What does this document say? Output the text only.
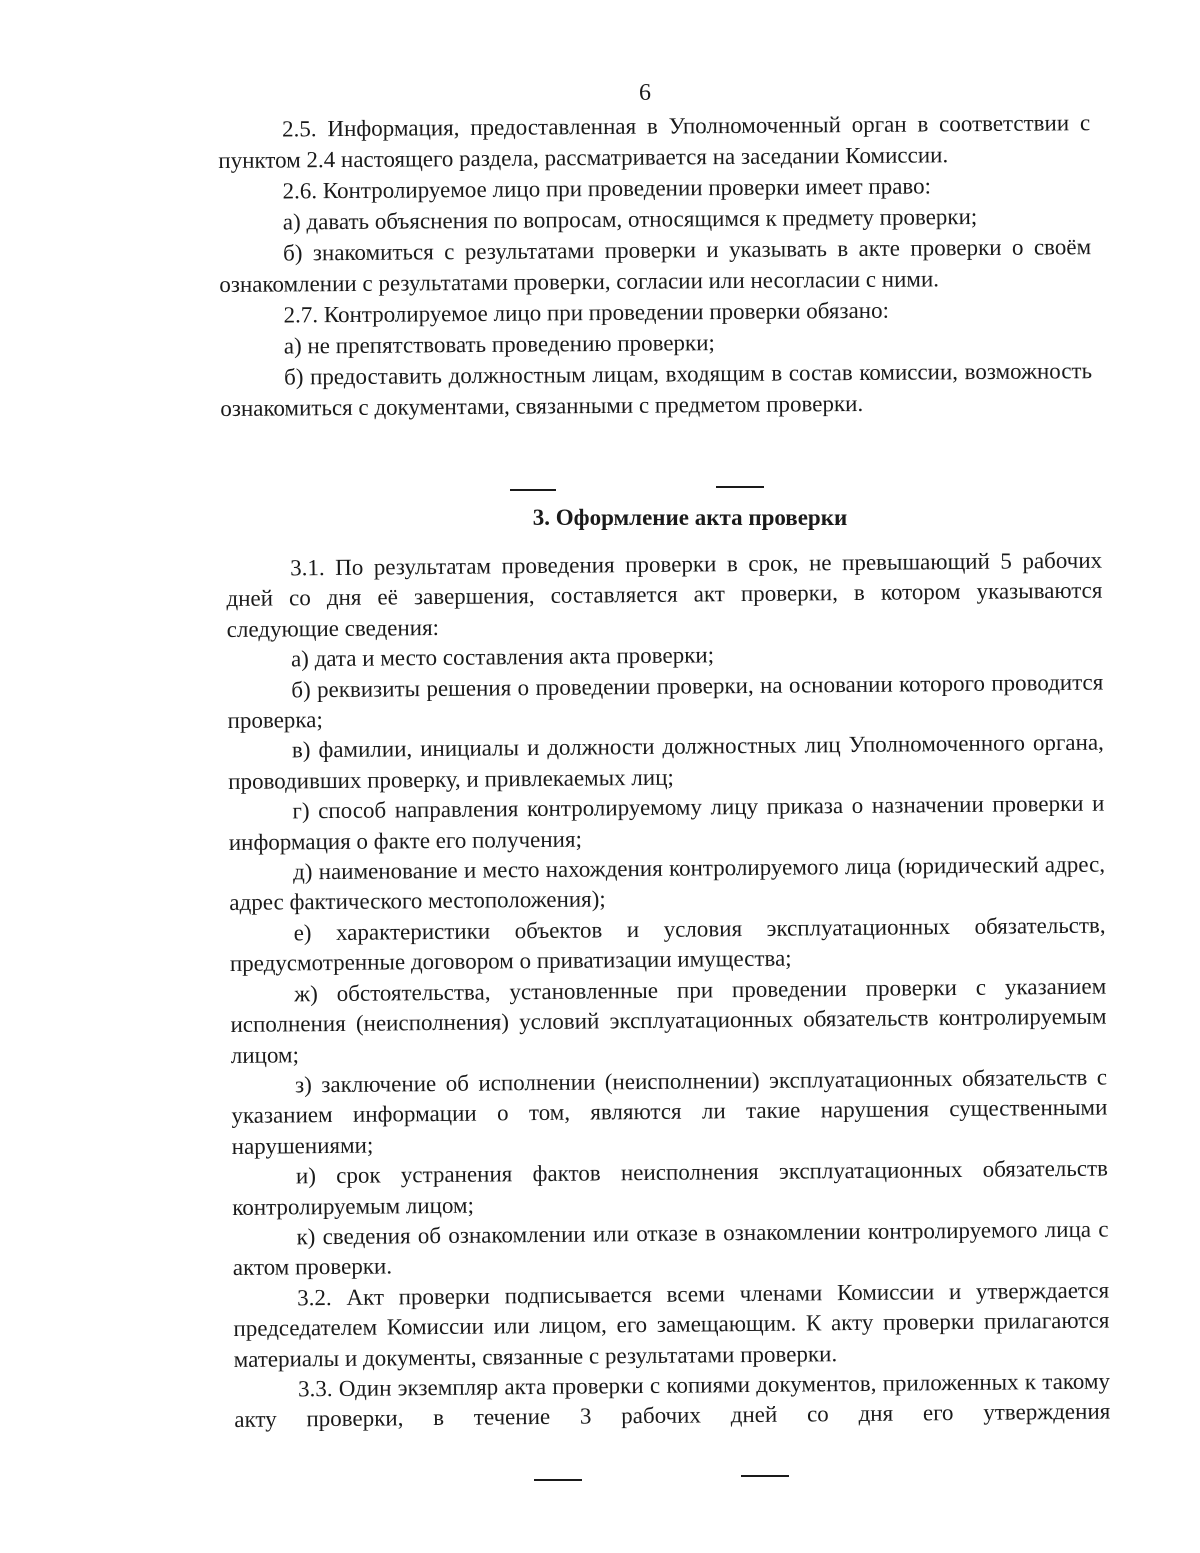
6

2.5. Информация, предоставленная в Уполномоченный орган в соответствии с пунктом 2.4 настоящего раздела, рассматривается на заседании Комиссии.

2.6. Контролируемое лицо при проведении проверки имеет право:

а) давать объяснения по вопросам, относящимся к предмету проверки;

б) знакомиться с результатами проверки и указывать в акте проверки о своём ознакомлении с результатами проверки, согласии или несогласии с ними.

2.7. Контролируемое лицо при проведении проверки обязано:

а) не препятствовать проведению проверки;

б) предоставить должностным лицам, входящим в состав комиссии, возможность ознакомиться с документами, связанными с предметом проверки.

3. Оформление акта проверки

3.1. По результатам проведения проверки в срок, не превышающий 5 рабочих дней со дня её завершения, составляется акт проверки, в котором указываются следующие сведения:

а) дата и место составления акта проверки;

б) реквизиты решения о проведении проверки, на основании которого проводится проверка;

в) фамилии, инициалы и должности должностных лиц Уполномоченного органа, проводивших проверку, и привлекаемых лиц;

г) способ направления контролируемому лицу приказа о назначении проверки и информация о факте его получения;

д) наименование и место нахождения контролируемого лица (юридический адрес, адрес фактического местоположения);

е) характеристики объектов и условия эксплуатационных обязательств, предусмотренные договором о приватизации имущества;

ж) обстоятельства, установленные при проведении проверки с указанием исполнения (неисполнения) условий эксплуатационных обязательств контролируемым лицом;

з) заключение об исполнении (неисполнении) эксплуатационных обязательств с указанием информации о том, являются ли такие нарушения существенными нарушениями;

и) срок устранения фактов неисполнения эксплуатационных обязательств контролируемым лицом;

к) сведения об ознакомлении или отказе в ознакомлении контролируемого лица с актом проверки.

3.2. Акт проверки подписывается всеми членами Комиссии и утверждается председателем Комиссии или лицом, его замещающим. К акту проверки прилагаются материалы и документы, связанные с результатами проверки.

3.3. Один экземпляр акта проверки с копиями документов, приложенных к такому акту проверки, в течение 3 рабочих дней со дня его утверждения
